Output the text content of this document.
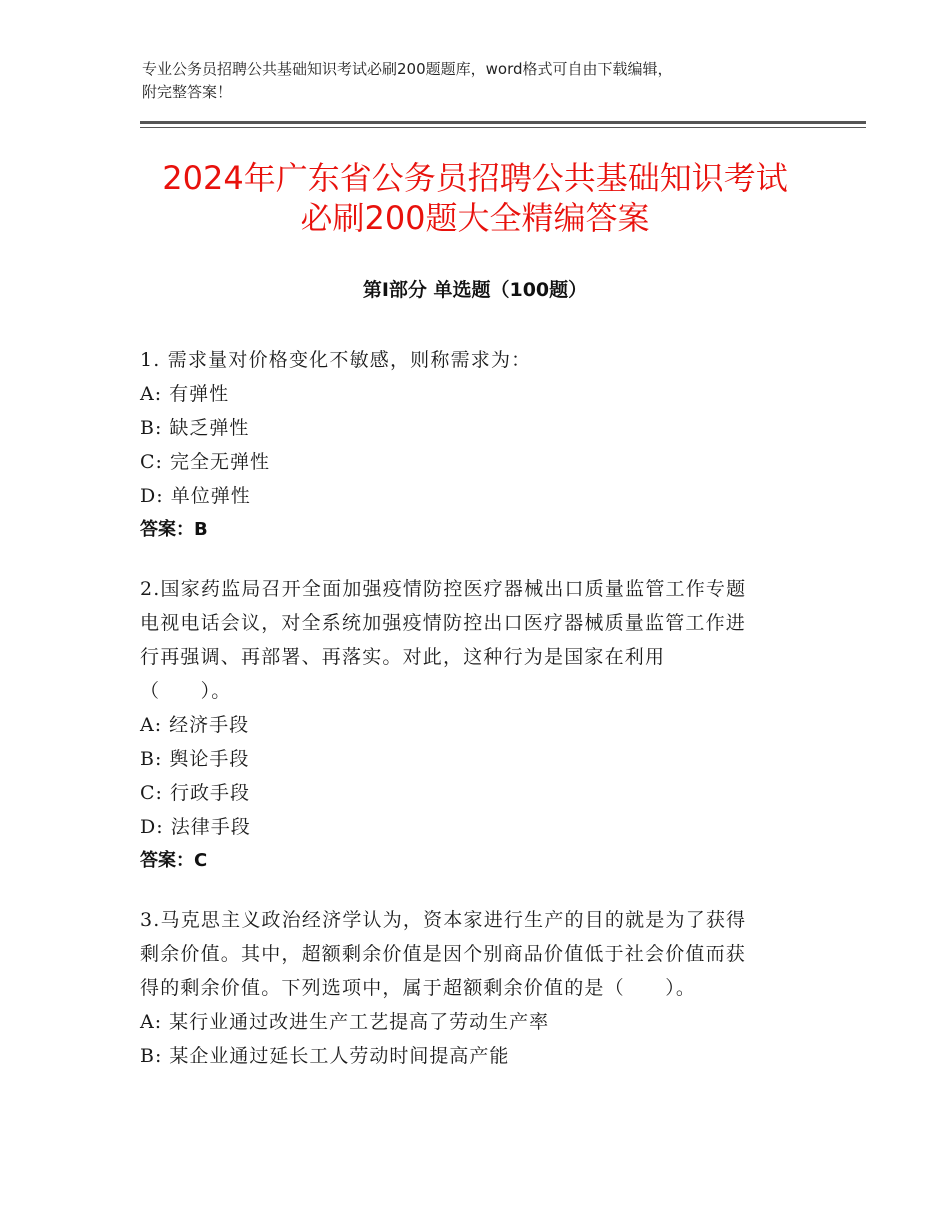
专业公务员招聘公共基础知识考试必刷200题题库，word格式可自由下载编辑，
附完整答案！
2024年广东省公务员招聘公共基础知识考试
必刷200题大全精编答案
第Ⅰ部分 单选题（100题）
1. 需求量对价格变化不敏感，则称需求为：
A: 有弹性
B: 缺乏弹性
C: 完全无弹性
D: 单位弹性
答案：B
2.国家药监局召开全面加强疫情防控医疗器械出口质量监管工作专题
电视电话会议，对全系统加强疫情防控出口医疗器械质量监管工作进
行再强调、再部署、再落实。对此，这种行为是国家在利用
（　　）。
A: 经济手段
B: 舆论手段
C: 行政手段
D: 法律手段
答案：C
3.马克思主义政治经济学认为，资本家进行生产的目的就是为了获得
剩余价值。其中，超额剩余价值是因个别商品价值低于社会价值而获
得的剩余价值。下列选项中，属于超额剩余价值的是（　　）。
A: 某行业通过改进生产工艺提高了劳动生产率
B: 某企业通过延长工人劳动时间提高产能
